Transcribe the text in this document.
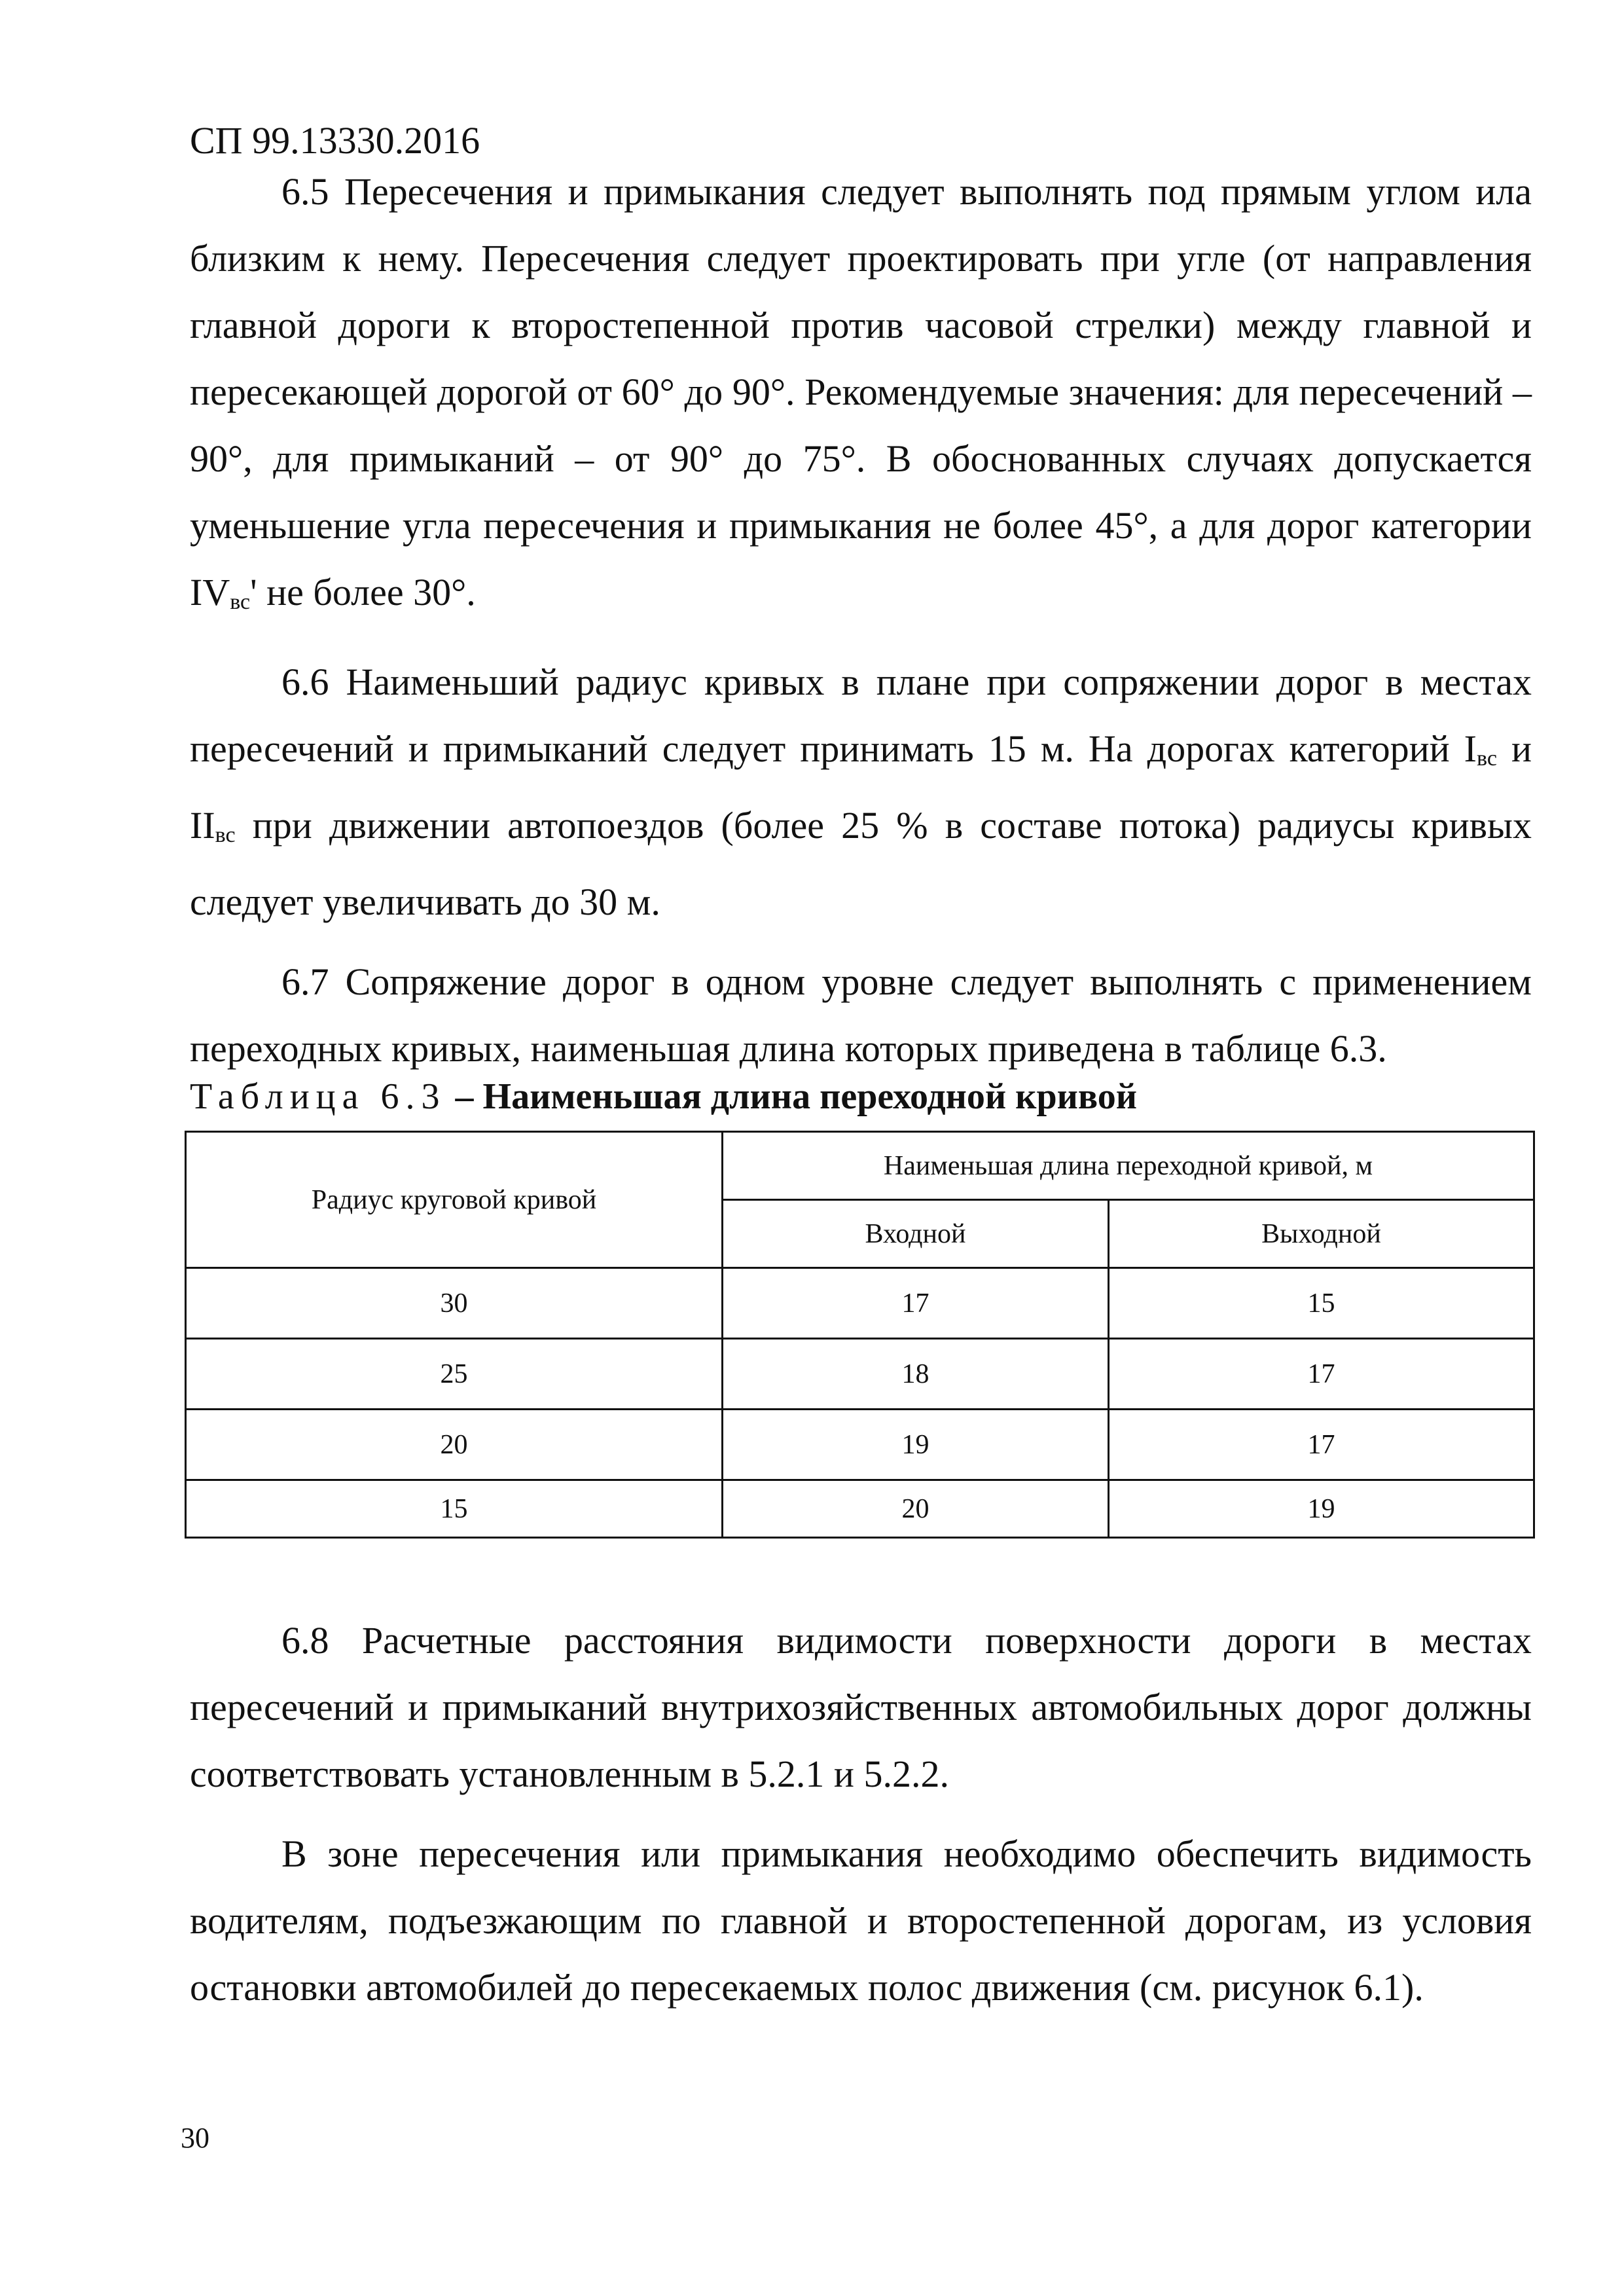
СП 99.13330.2016

6.5 Пересечения и примыкания следует выполнять под прямым углом ила близким к нему. Пересечения следует проектировать при угле (от направления главной дороги к второстепенной против часовой стрелки) между главной и пересекающей дорогой от 60° до 90°. Рекомендуемые значения: для пересечений – 90°, для примыканий – от 90° до 75°. В обоснованных случаях допускается уменьшение угла пересечения и примыкания не более 45°, а для дорог категории IVвс' не более 30°.

6.6 Наименьший радиус кривых в плане при сопряжении дорог в местах пересечений и примыканий следует принимать 15 м. На дорогах категорий Iвс и IIвс при движении автопоездов (более 25 % в составе потока) радиусы кривых следует увеличивать до 30 м.

6.7 Сопряжение дорог в одном уровне следует выполнять с применением переходных кривых, наименьшая длина которых приведена в таблице 6.3.

Таблица 6.3 – Наименьшая длина переходной кривой
Радиус круговой кривой	Наименьшая длина переходной кривой, м	
	Входной	Выходной
30	17	15
25	18	17
20	19	17
15	20	19

6.8 Расчетные расстояния видимости поверхности дороги в местах пересечений и примыканий внутрихозяйственных автомобильных дорог должны соответствовать установленным в 5.2.1 и 5.2.2.

В зоне пересечения или примыкания необходимо обеспечить видимость водителям, подъезжающим по главной и второстепенной дорогам, из условия остановки автомобилей до пересекаемых полос движения (см. рисунок 6.1).

30
